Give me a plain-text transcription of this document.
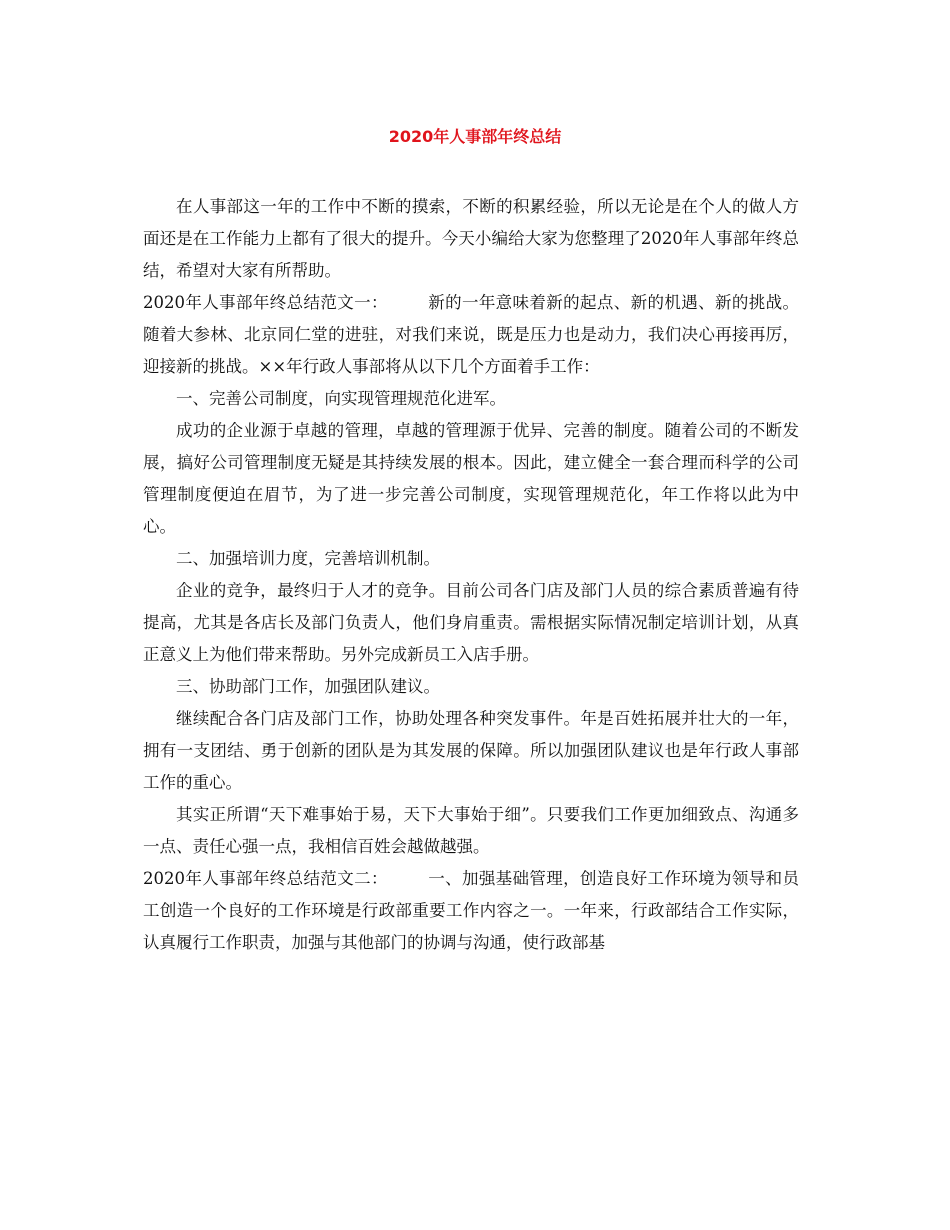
2020年人事部年终总结

在人事部这一年的工作中不断的摸索，不断的积累经验，所以无论是在个人的做人方面还是在工作能力上都有了很大的提升。今天小编给大家为您整理了2020年人事部年终总结，希望对大家有所帮助。

2020年人事部年终总结范文一： 新的一年意味着新的起点、新的机遇、新的挑战。随着大参林、北京同仁堂的进驻，对我们来说，既是压力也是动力，我们决心再接再厉，迎接新的挑战。××年行政人事部将从以下几个方面着手工作：

一、完善公司制度，向实现管理规范化进军。

成功的企业源于卓越的管理，卓越的管理源于优异、完善的制度。随着公司的不断发展，搞好公司管理制度无疑是其持续发展的根本。因此，建立健全一套合理而科学的公司管理制度便迫在眉节，为了进一步完善公司制度，实现管理规范化，年工作将以此为中心。

二、加强培训力度，完善培训机制。

企业的竞争，最终归于人才的竞争。目前公司各门店及部门人员的综合素质普遍有待提高，尤其是各店长及部门负责人，他们身肩重责。需根据实际情况制定培训计划，从真正意义上为他们带来帮助。另外完成新员工入店手册。

三、协助部门工作，加强团队建议。

继续配合各门店及部门工作，协助处理各种突发事件。年是百姓拓展并壮大的一年，拥有一支团结、勇于创新的团队是为其发展的保障。所以加强团队建议也是年行政人事部工作的重心。

其实正所谓“天下难事始于易，天下大事始于细”。只要我们工作更加细致点、沟通多一点、责任心强一点，我相信百姓会越做越强。

2020年人事部年终总结范文二： 一、加强基础管理，创造良好工作环境为领导和员工创造一个良好的工作环境是行政部重要工作内容之一。一年来，行政部结合工作实际，认真履行工作职责，加强与其他部门的协调与沟通，使行政部基
